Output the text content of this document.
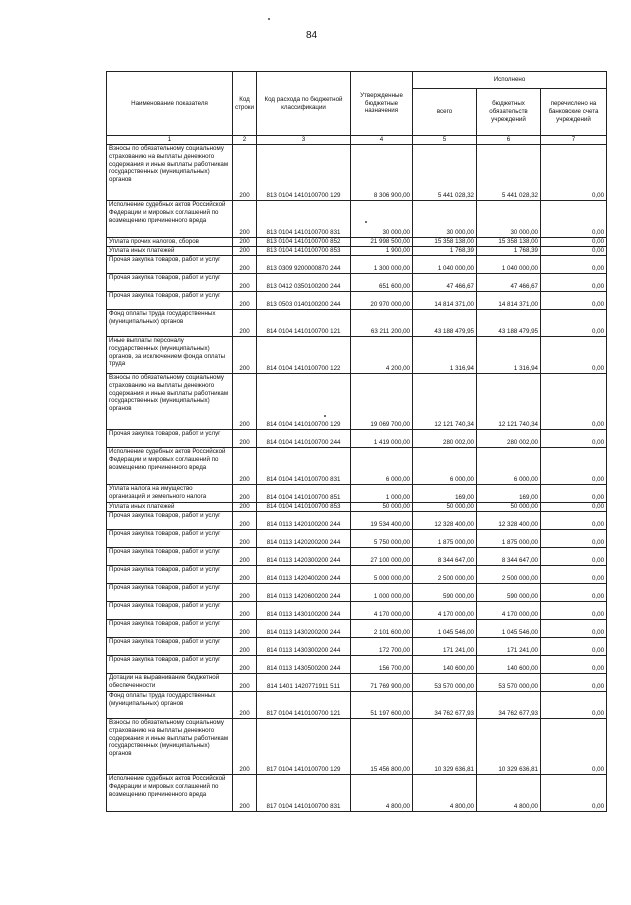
84
Наименование показателя	Код строки	Код расхода по бюджетной классификации	Утвержденные бюджетные назначения	Исполнено		
				всего	бюджетных обязательств учреждений	перечислено на банковские счета учреждений
1	2	3	4	5	6	7
Взносы по обязательному социальному страхованию на выплаты денежного содержания и иные выплаты работникам государственных (муниципальных) органов	200	813 0104 1410100700 129	8 306 900,00	5 441 028,32	5 441 028,32	0,00
Исполнение судебных актов Российской Федерации и мировых соглашений по возмещению причиненного вреда	200	813 0104 1410100700 831	30 000,00	30 000,00	30 000,00	0,00
Уплата прочих налогов, сборов	200	813 0104 1410100700 852	21 998 500,00	15 358 138,00	15 358 138,00	0,00
Уплата иных платежей	200	813 0104 1410100700 853	1 900,00	1 768,39	1 768,39	0,00
Прочая закупка товаров, работ и услуг	200	813 0309 9200000870 244	1 300 000,00	1 040 000,00	1 040 000,00	0,00
Прочая закупка товаров, работ и услуг	200	813 0412 0350100200 244	651 600,00	47 466,67	47 466,67	0,00
Прочая закупка товаров, работ и услуг	200	813 0503 0140100200 244	20 970 000,00	14 814 371,00	14 814 371,00	0,00
Фонд оплаты труда государственных (муниципальных) органов	200	814 0104 1410100700 121	63 211 200,00	43 188 479,95	43 188 479,95	0,00
Иные выплаты персоналу государственных (муниципальных) органов, за исключением фонда оплаты труда	200	814 0104 1410100700 122	4 200,00	1 316,94	1 316,94	0,00
Взносы по обязательному социальному страхованию на выплаты денежного содержания и иные выплаты работникам государственных (муниципальных) органов	200	814 0104 1410100700 129	19 069 700,00	12 121 740,34	12 121 740,34	0,00
Прочая закупка товаров, работ и услуг	200	814 0104 1410100700 244	1 419 000,00	280 002,00	280 002,00	0,00
Исполнение судебных актов Российской Федерации и мировых соглашений по возмещению причиненного вреда	200	814 0104 1410100700 831	6 000,00	6 000,00	6 000,00	0,00
Уплата налога на имущество организаций и земельного налога	200	814 0104 1410100700 851	1 000,00	169,00	169,00	0,00
Уплата иных платежей	200	814 0104 1410100700 853	50 000,00	50 000,00	50 000,00	0,00
Прочая закупка товаров, работ и услуг	200	814 0113 1420100200 244	19 534 400,00	12 328 400,00	12 328 400,00	0,00
Прочая закупка товаров, работ и услуг	200	814 0113 1420200200 244	5 750 000,00	1 875 000,00	1 875 000,00	0,00
Прочая закупка товаров, работ и услуг	200	814 0113 1420300200 244	27 100 000,00	8 344 647,00	8 344 647,00	0,00
Прочая закупка товаров, работ и услуг	200	814 0113 1420400200 244	5 000 000,00	2 500 000,00	2 500 000,00	0,00
Прочая закупка товаров, работ и услуг	200	814 0113 1420600200 244	1 000 000,00	590 000,00	590 000,00	0,00
Прочая закупка товаров, работ и услуг	200	814 0113 1430100200 244	4 170 000,00	4 170 000,00	4 170 000,00	0,00
Прочая закупка товаров, работ и услуг	200	814 0113 1430200200 244	2 101 600,00	1 045 546,00	1 045 546,00	0,00
Прочая закупка товаров, работ и услуг	200	814 0113 1430300200 244	172 700,00	171 241,00	171 241,00	0,00
Прочая закупка товаров, работ и услуг	200	814 0113 1430500200 244	156 700,00	140 600,00	140 600,00	0,00
Дотации на выравнивание бюджетной обеспеченности	200	814 1401 1420771911 511	71 769 900,00	53 570 000,00	53 570 000,00	0,00
Фонд оплаты труда государственных (муниципальных) органов	200	817 0104 1410100700 121	51 197 600,00	34 762 677,93	34 762 677,93	0,00
Взносы по обязательному социальному страхованию на выплаты денежного содержания и иные выплаты работникам государственных (муниципальных) органов	200	817 0104 1410100700 129	15 456 800,00	10 329 636,81	10 329 636,81	0,00
Исполнение судебных актов Российской Федерации и мировых соглашений по возмещению причиненного вреда	200	817 0104 1410100700 831	4 800,00	4 800,00	4 800,00	0,00
